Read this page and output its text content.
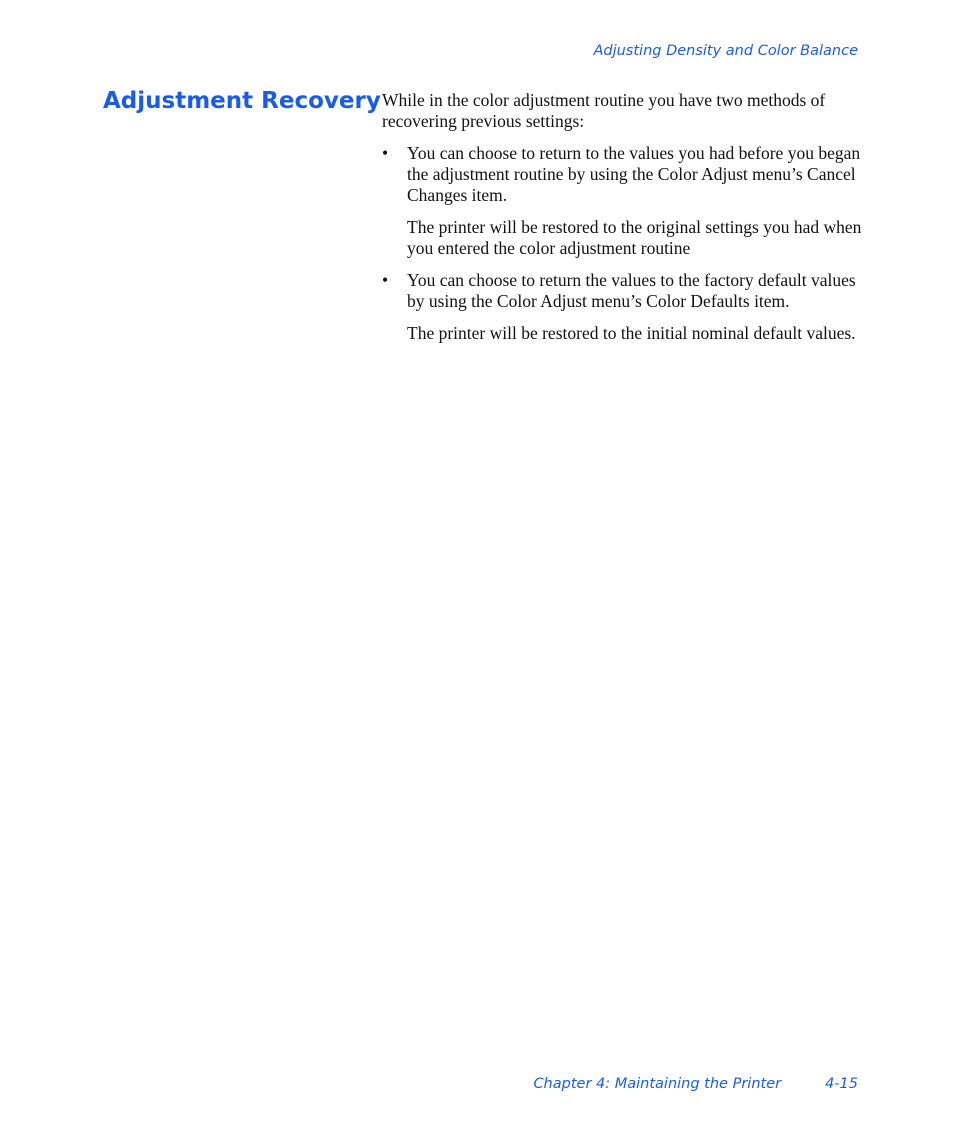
Adjusting Density and Color Balance
Adjustment Recovery While in the color adjustment routine you have two methods of recovering previous settings:

• You can choose to return to the values you had before you began the adjustment routine by using the Color Adjust menu’s Cancel Changes item.

The printer will be restored to the original settings you had when you entered the color adjustment routine

• You can choose to return the values to the factory default values by using the Color Adjust menu’s Color Defaults item.

The printer will be restored to the initial nominal default values.

Chapter 4: Maintaining the Printer	4-15
